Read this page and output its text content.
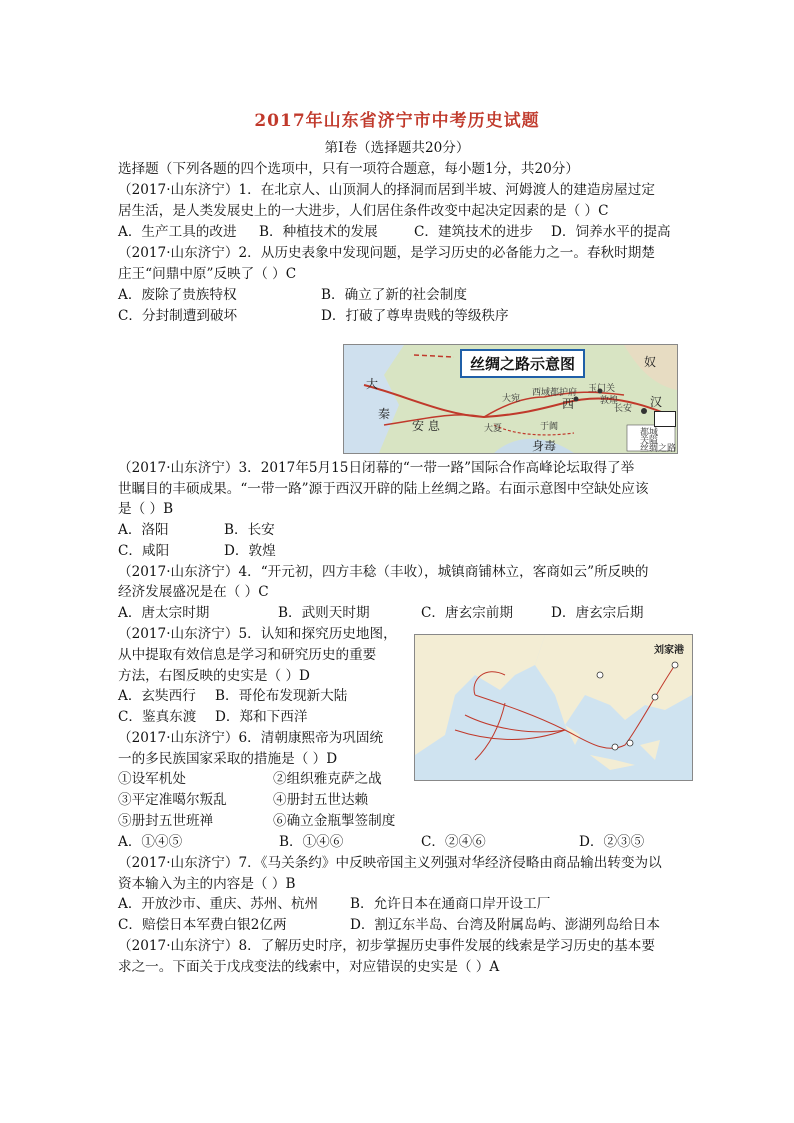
2017年山东省济宁市中考历史试题
第Ⅰ卷（选择题共20分）
选择题（下列各题的四个选项中，只有一项符合题意，每小题1分，共20分）
（2017·山东济宁）1．在北京人、山顶洞人的择洞而居到半坡、河姆渡人的建造房屋过定
居生活，是人类发展史上的一大进步，人们居住条件改变中起决定因素的是（ ）C
A．生产工具的改进 B．种植技术的发展	C．建筑技术的进步 D．饲养水平的提高
（2017·山东济宁）2．从历史表象中发现问题，是学习历史的必备能力之一。春秋时期楚
庄王“问鼎中原”反映了（ ）C
A．废除了贵族特权	B．确立了新的社会制度
C．分封制遭到破坏	D．打破了尊卑贵贱的等级秩序
丝绸之路示意图
大
秦
安 息
大宛
长安
西
奴
汉
身毒
大夏
西域都护府 玉门关
敦煌
于阗
都城
关隘
丝绸之路
（2017·山东济宁）3．2017年5月15日闭幕的“一带一路”国际合作高峰论坛取得了举
世瞩目的丰硕成果。“一带一路”源于西汉开辟的陆上丝绸之路。右面示意图中空缺处应该
是（ ）B
A．洛阳	B．长安
C．咸阳	D．敦煌
（2017·山东济宁）4．“开元初，四方丰稔（丰收），城镇商铺林立，客商如云”所反映的
经济发展盛况是在（ ）C
A．唐太宗时期	B．武则天时期	C．唐玄宗前期	D．唐玄宗后期
（2017·山东济宁）5．认知和探究历史地图，
从中提取有效信息是学习和研究历史的重要
方法，右图反映的史实是（ ）D
A．玄奘西行 B．哥伦布发现新大陆
C．鉴真东渡 D．郑和下西洋
刘家港
（2017·山东济宁）6．清朝康熙帝为巩固统
一的多民族国家采取的措施是（ ）D
①设军机处	②组织雅克萨之战
③平定准噶尔叛乱	④册封五世达赖
⑤册封五世班禅	⑥确立金瓶掣签制度
A．①④⑤	B．①④⑥	C．②④⑥	D．②③⑤
（2017·山东济宁）7．《马关条约》中反映帝国主义列强对华经济侵略由商品输出转变为以
资本输入为主的内容是（ ）B
A．开放沙市、重庆、苏州、杭州 B．允许日本在通商口岸开设工厂
C．赔偿日本军费白银2亿两	D．割辽东半岛、台湾及附属岛屿、澎湖列岛给日本
（2017·山东济宁）8．了解历史时序，初步掌握历史事件发展的线索是学习历史的基本要
求之一。下面关于戊戌变法的线索中，对应错误的史实是（ ）A
